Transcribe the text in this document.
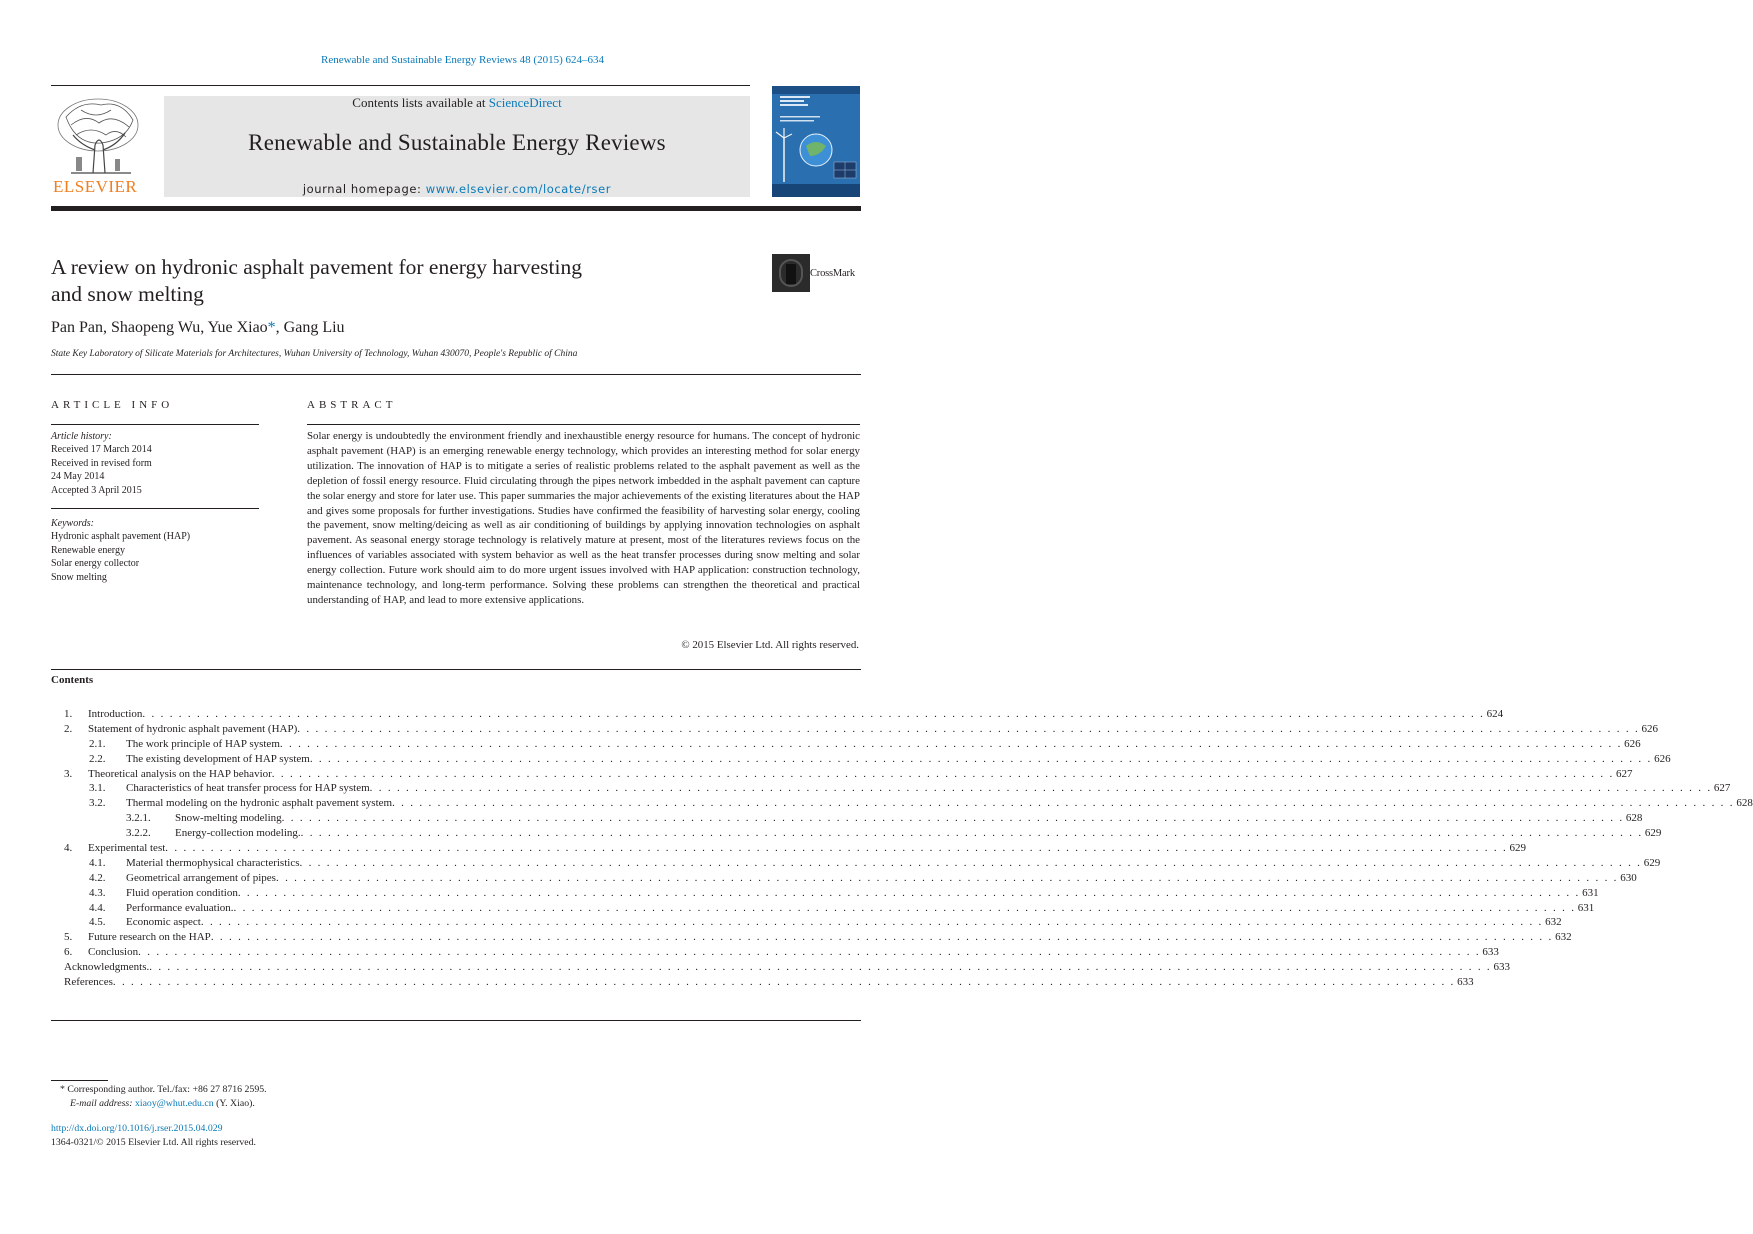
Renewable and Sustainable Energy Reviews 48 (2015) 624–634
ELSEVIER
Contents lists available at ScienceDirect
Renewable and Sustainable Energy Reviews
journal homepage: www.elsevier.com/locate/rser
A review on hydronic asphalt pavement for energy harvesting
and snow melting
CrossMark
Pan Pan, Shaopeng Wu, Yue Xiao*, Gang Liu
State Key Laboratory of Silicate Materials for Architectures, Wuhan University of Technology, Wuhan 430070, People's Republic of China
ARTICLE INFO
Article history:
Received 17 March 2014
Received in revised form
24 May 2014
Accepted 3 April 2015
Keywords:
Hydronic asphalt pavement (HAP)
Renewable energy
Solar energy collector
Snow melting
ABSTRACT
Solar energy is undoubtedly the environment friendly and inexhaustible energy resource for humans. The concept of hydronic asphalt pavement (HAP) is an emerging renewable energy technology, which provides an interesting method for solar energy utilization. The innovation of HAP is to mitigate a series of realistic problems related to the asphalt pavement as well as the depletion of fossil energy resource. Fluid circulating through the pipes network imbedded in the asphalt pavement can capture the solar energy and store for later use. This paper summaries the major achievements of the existing literatures about the HAP and gives some proposals for further investigations. Studies have confirmed the feasibility of harvesting solar energy, cooling the pavement, snow melting/deicing as well as air conditioning of buildings by applying innovation technologies on asphalt pavement. As seasonal energy storage technology is relatively mature at present, most of the literatures reviews focus on the influences of variables associated with system behavior as well as the heat transfer processes during snow melting and solar energy collection. Future work should aim to do more urgent issues involved with HAP application: construction technology, maintenance technology, and long-term performance. Solving these problems can strengthen the theoretical and practical understanding of HAP, and lead to more extensive applications.
© 2015 Elsevier Ltd. All rights reserved.
Contents
1. Introduction . . . . . . . . . . . . . . . . . . . . . . . . . . . . . . . . . . . . . . . . . . . . . . . . . . . . . . . . . . . . . . . . . . . . . . . . . . . . . . . . . . . . . . . . . . . . . . . . . . . . . . . . . . . . . . . . . . . . . . . . . . . . . . . . . . . . . . . . . . . . . . . . . . . . 624
2. Statement of hydronic asphalt pavement (HAP) . . . . . . . . . . . . . . . . . . . . . . . . . . . . . . . . . . . . . . . . . . . . . . . . . . . . . . . . . . . . . . . . . . . . . . . . . . . . . . . . . . . . . . . . . . . . . . . . . . . . . . . . . . . . . . . . . . . . . . . . . . . . . . . . . . . . . . . . . . . . . . . . . . . . 626
2.1. The work principle of HAP system . . . . . . . . . . . . . . . . . . . . . . . . . . . . . . . . . . . . . . . . . . . . . . . . . . . . . . . . . . . . . . . . . . . . . . . . . . . . . . . . . . . . . . . . . . . . . . . . . . . . . . . . . . . . . . . . . . . . . . . . . . . . . . . . . . . . . . . . . . . . . . . . . . . . 626
2.2. The existing development of HAP system . . . . . . . . . . . . . . . . . . . . . . . . . . . . . . . . . . . . . . . . . . . . . . . . . . . . . . . . . . . . . . . . . . . . . . . . . . . . . . . . . . . . . . . . . . . . . . . . . . . . . . . . . . . . . . . . . . . . . . . . . . . . . . . . . . . . . . . . . . . . . . . . . . . . 626
3. Theoretical analysis on the HAP behavior . . . . . . . . . . . . . . . . . . . . . . . . . . . . . . . . . . . . . . . . . . . . . . . . . . . . . . . . . . . . . . . . . . . . . . . . . . . . . . . . . . . . . . . . . . . . . . . . . . . . . . . . . . . . . . . . . . . . . . . . . . . . . . . . . . . . . . . . . . . . . . . . . . . . 627
3.1. Characteristics of heat transfer process for HAP system . . . . . . . . . . . . . . . . . . . . . . . . . . . . . . . . . . . . . . . . . . . . . . . . . . . . . . . . . . . . . . . . . . . . . . . . . . . . . . . . . . . . . . . . . . . . . . . . . . . . . . . . . . . . . . . . . . . . . . . . . . . . . . . . . . . . . . . . . . . . . . . . . . . . 627
3.2. Thermal modeling on the hydronic asphalt pavement system . . . . . . . . . . . . . . . . . . . . . . . . . . . . . . . . . . . . . . . . . . . . . . . . . . . . . . . . . . . . . . . . . . . . . . . . . . . . . . . . . . . . . . . . . . . . . . . . . . . . . . . . . . . . . . . . . . . . . . . . . . . . . . . . . . . . . . . . . . . . . . . . . . . . 628
3.2.1. Snow-melting modeling . . . . . . . . . . . . . . . . . . . . . . . . . . . . . . . . . . . . . . . . . . . . . . . . . . . . . . . . . . . . . . . . . . . . . . . . . . . . . . . . . . . . . . . . . . . . . . . . . . . . . . . . . . . . . . . . . . . . . . . . . . . . . . . . . . . . . . . . . . . . . . . . . . . . 628
3.2.2. Energy-collection modeling. . . . . . . . . . . . . . . . . . . . . . . . . . . . . . . . . . . . . . . . . . . . . . . . . . . . . . . . . . . . . . . . . . . . . . . . . . . . . . . . . . . . . . . . . . . . . . . . . . . . . . . . . . . . . . . . . . . . . . . . . . . . . . . . . . . . . . . . . . . . . . . . . . . . . 629
4. Experimental test . . . . . . . . . . . . . . . . . . . . . . . . . . . . . . . . . . . . . . . . . . . . . . . . . . . . . . . . . . . . . . . . . . . . . . . . . . . . . . . . . . . . . . . . . . . . . . . . . . . . . . . . . . . . . . . . . . . . . . . . . . . . . . . . . . . . . . . . . . . . . . . . . . . . 629
4.1. Material thermophysical characteristics . . . . . . . . . . . . . . . . . . . . . . . . . . . . . . . . . . . . . . . . . . . . . . . . . . . . . . . . . . . . . . . . . . . . . . . . . . . . . . . . . . . . . . . . . . . . . . . . . . . . . . . . . . . . . . . . . . . . . . . . . . . . . . . . . . . . . . . . . . . . . . . . . . . . 629
4.2. Geometrical arrangement of pipes . . . . . . . . . . . . . . . . . . . . . . . . . . . . . . . . . . . . . . . . . . . . . . . . . . . . . . . . . . . . . . . . . . . . . . . . . . . . . . . . . . . . . . . . . . . . . . . . . . . . . . . . . . . . . . . . . . . . . . . . . . . . . . . . . . . . . . . . . . . . . . . . . . . . 630
4.3. Fluid operation condition . . . . . . . . . . . . . . . . . . . . . . . . . . . . . . . . . . . . . . . . . . . . . . . . . . . . . . . . . . . . . . . . . . . . . . . . . . . . . . . . . . . . . . . . . . . . . . . . . . . . . . . . . . . . . . . . . . . . . . . . . . . . . . . . . . . . . . . . . . . . . . . . . . . . 631
4.4. Performance evaluation. . . . . . . . . . . . . . . . . . . . . . . . . . . . . . . . . . . . . . . . . . . . . . . . . . . . . . . . . . . . . . . . . . . . . . . . . . . . . . . . . . . . . . . . . . . . . . . . . . . . . . . . . . . . . . . . . . . . . . . . . . . . . . . . . . . . . . . . . . . . . . . . . . . . . 631
4.5. Economic aspect . . . . . . . . . . . . . . . . . . . . . . . . . . . . . . . . . . . . . . . . . . . . . . . . . . . . . . . . . . . . . . . . . . . . . . . . . . . . . . . . . . . . . . . . . . . . . . . . . . . . . . . . . . . . . . . . . . . . . . . . . . . . . . . . . . . . . . . . . . . . . . . . . . . . 632
5. Future research on the HAP . . . . . . . . . . . . . . . . . . . . . . . . . . . . . . . . . . . . . . . . . . . . . . . . . . . . . . . . . . . . . . . . . . . . . . . . . . . . . . . . . . . . . . . . . . . . . . . . . . . . . . . . . . . . . . . . . . . . . . . . . . . . . . . . . . . . . . . . . . . . . . . . . . . . 632
6. Conclusion . . . . . . . . . . . . . . . . . . . . . . . . . . . . . . . . . . . . . . . . . . . . . . . . . . . . . . . . . . . . . . . . . . . . . . . . . . . . . . . . . . . . . . . . . . . . . . . . . . . . . . . . . . . . . . . . . . . . . . . . . . . . . . . . . . . . . . . . . . . . . . . . . . . . 633
Acknowledgments. . . . . . . . . . . . . . . . . . . . . . . . . . . . . . . . . . . . . . . . . . . . . . . . . . . . . . . . . . . . . . . . . . . . . . . . . . . . . . . . . . . . . . . . . . . . . . . . . . . . . . . . . . . . . . . . . . . . . . . . . . . . . . . . . . . . . . . . . . . . . . . . . . . . . 633
References . . . . . . . . . . . . . . . . . . . . . . . . . . . . . . . . . . . . . . . . . . . . . . . . . . . . . . . . . . . . . . . . . . . . . . . . . . . . . . . . . . . . . . . . . . . . . . . . . . . . . . . . . . . . . . . . . . . . . . . . . . . . . . . . . . . . . . . . . . . . . . . . . . . . 633
* Corresponding author. Tel./fax: +86 27 8716 2595.
E-mail address: xiaoy@whut.edu.cn (Y. Xiao).
http://dx.doi.org/10.1016/j.rser.2015.04.029
1364-0321/© 2015 Elsevier Ltd. All rights reserved.
